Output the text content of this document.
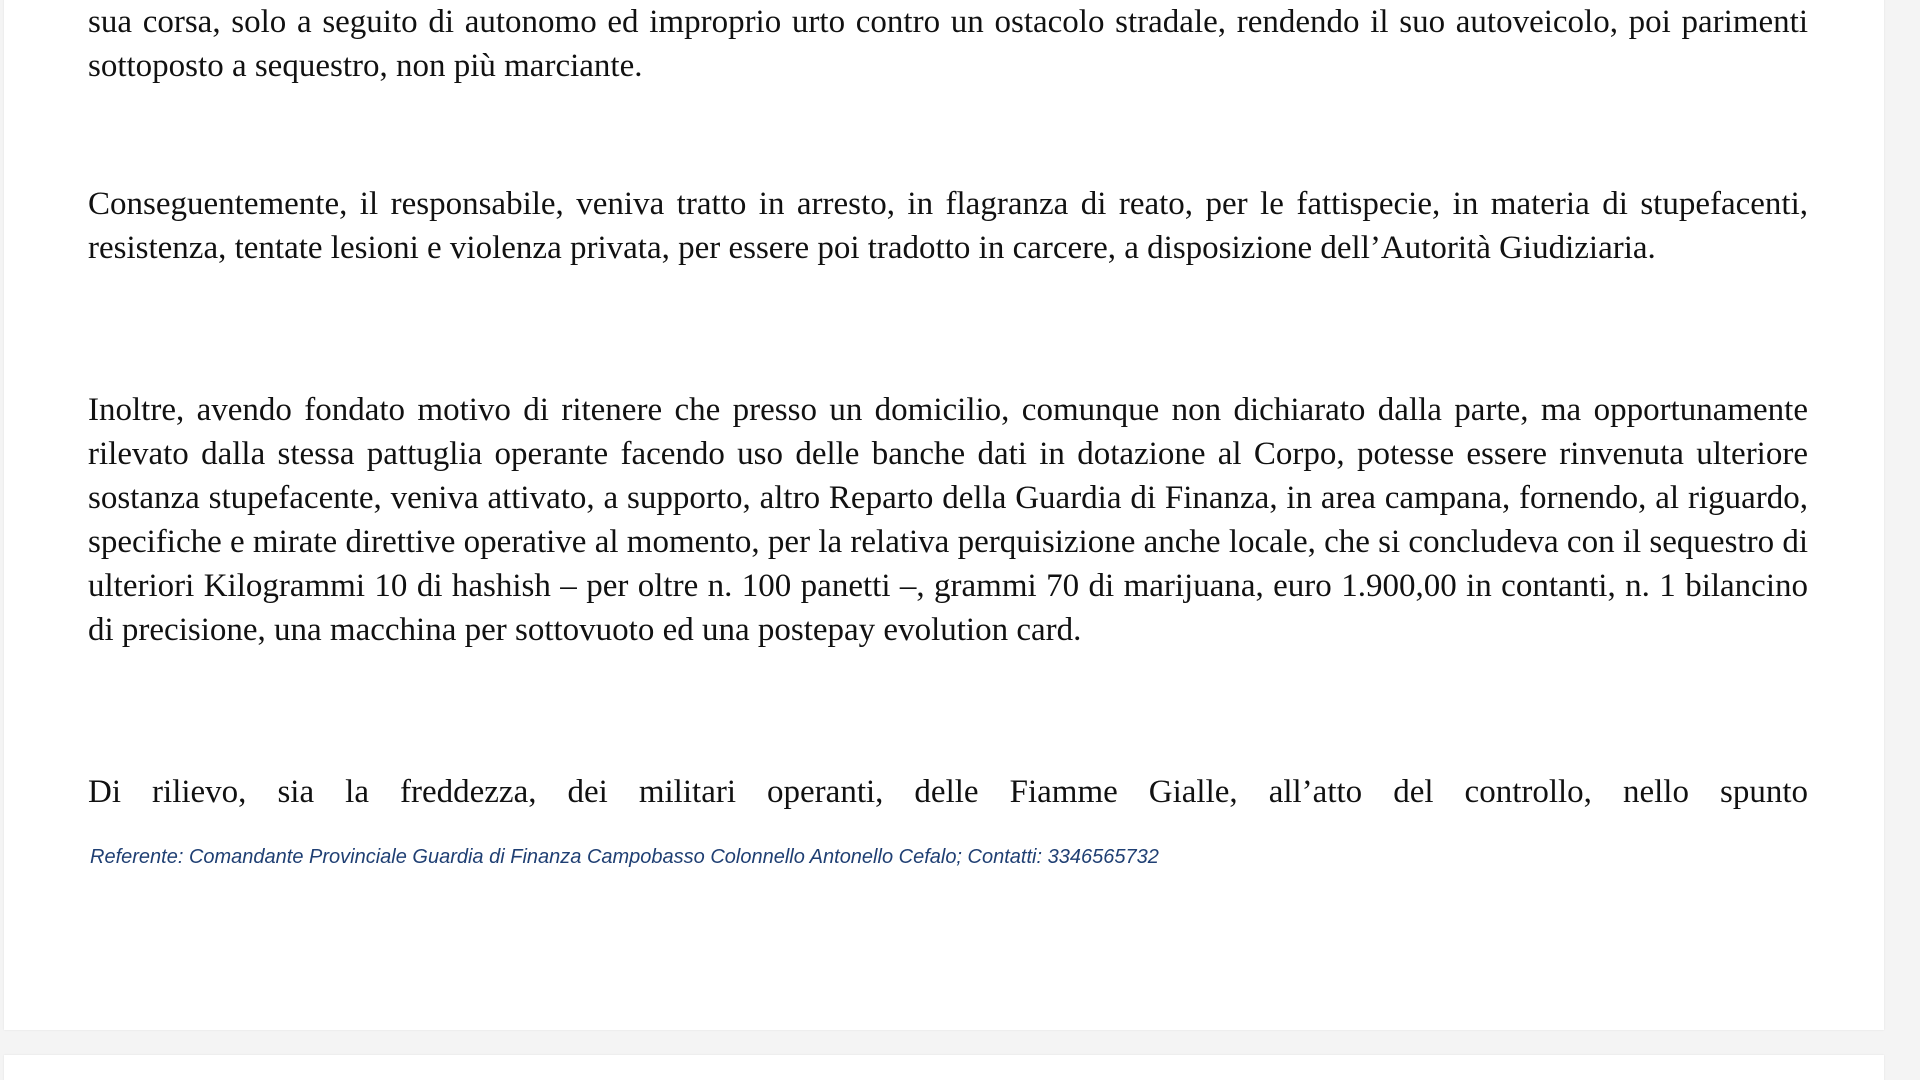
sua corsa, solo a seguito di autonomo ed improprio urto contro un ostacolo stradale, rendendo il suo autoveicolo, poi parimenti sottoposto a sequestro, non più marciante.

Conseguentemente, il responsabile, veniva tratto in arresto, in flagranza di reato, per le fattispecie, in materia di stupefacenti, resistenza, tentate lesioni e violenza privata, per essere poi tradotto in carcere, a disposizione dell’Autorità Giudiziaria.

Inoltre, avendo fondato motivo di ritenere che presso un domicilio, comunque non dichiarato dalla parte, ma opportunamente rilevato dalla stessa pattuglia operante facendo uso delle banche dati in dotazione al Corpo, potesse essere rinvenuta ulteriore sostanza stupefacente, veniva attivato, a supporto, altro Reparto della Guardia di Finanza, in area campana, fornendo, al riguardo, specifiche e mirate direttive operative al momento, per la relativa perquisizione anche locale, che si concludeva con il sequestro di ulteriori Kilogrammi 10 di hashish – per oltre n. 100 panetti –, grammi 70 di marijuana, euro 1.900,00 in contanti, n. 1 bilancino di precisione, una macchina per sottovuoto ed una postepay evolution card.

Di rilievo, sia la freddezza, dei militari operanti, delle Fiamme Gialle, all’atto del controllo, nello spunto

Referente: Comandante Provinciale Guardia di Finanza Campobasso Colonnello Antonello Cefalo; Contatti: 3346565732
